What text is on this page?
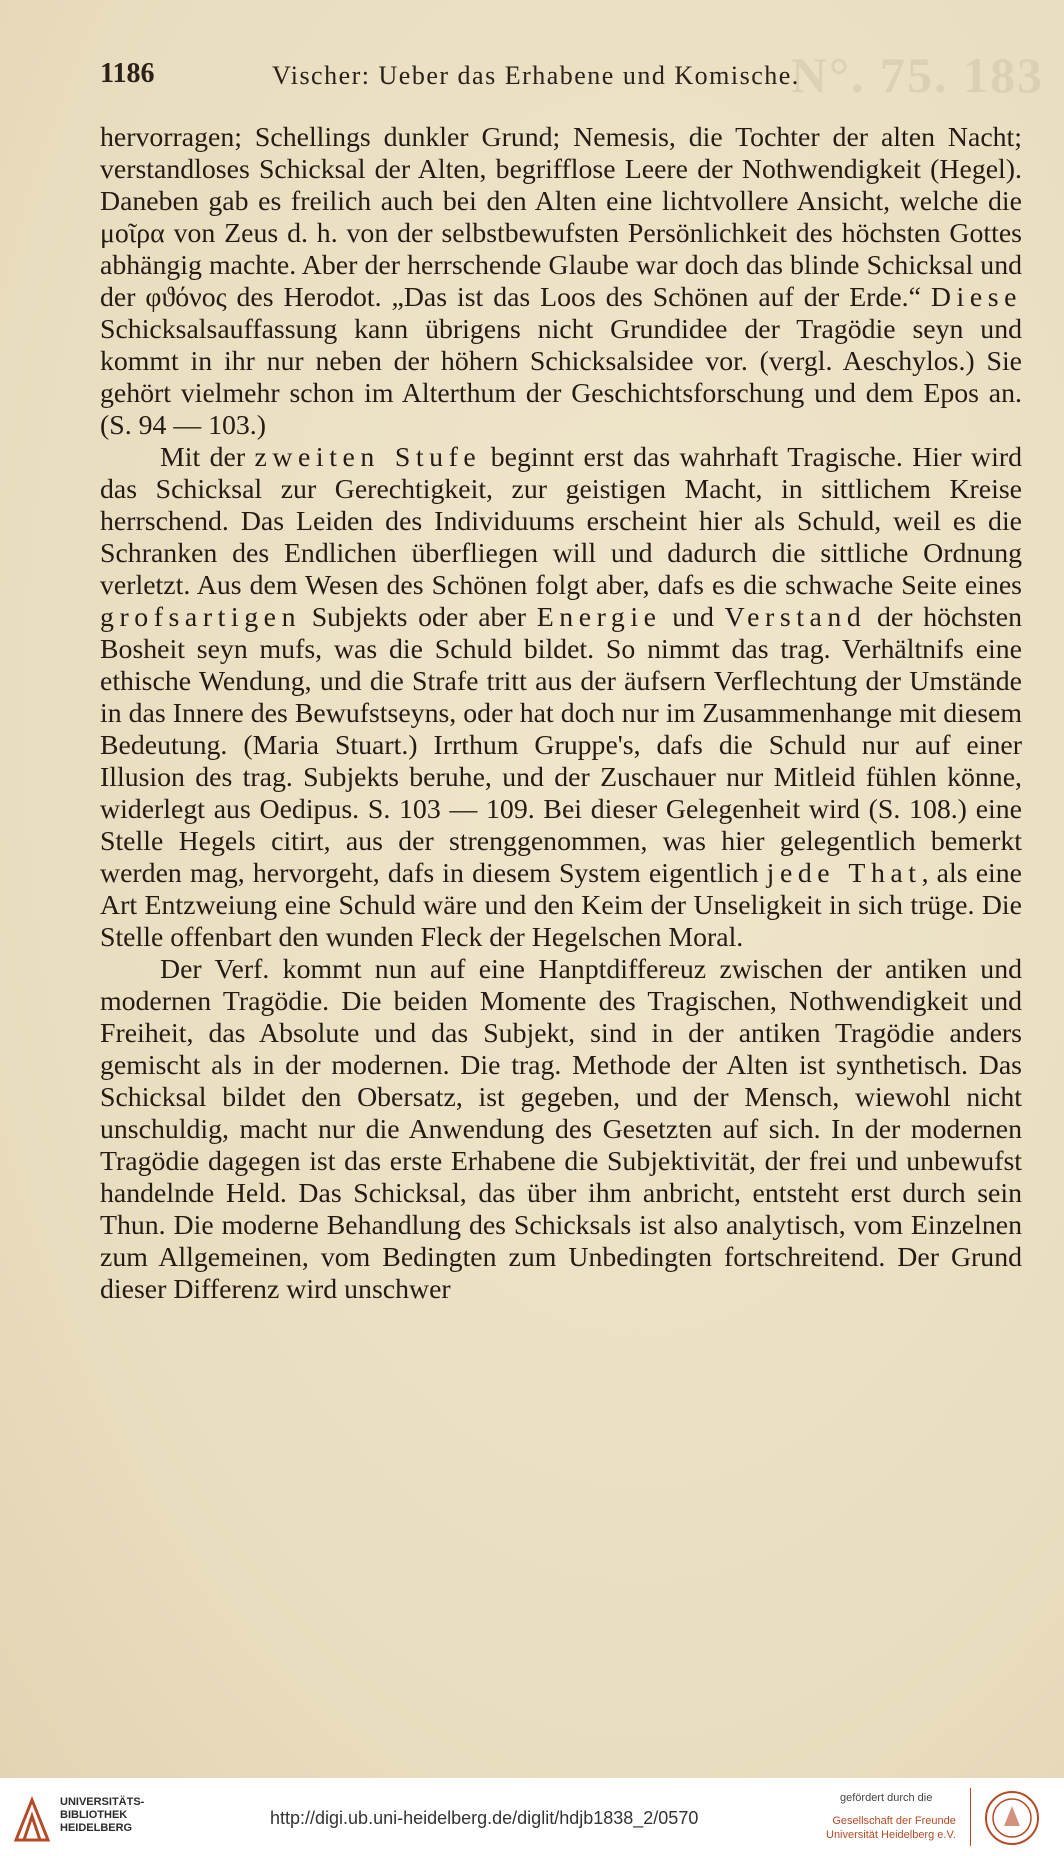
N°. 75. 183
1186	Vischer: Ueber das Erhabene und Komische.

hervorragen; Schellings dunkler Grund; Nemesis, die Tochter der alten Nacht; verstandloses Schicksal der Alten, begrifflose Leere der Nothwendigkeit (Hegel). Daneben gab es freilich auch bei den Alten eine lichtvollere Ansicht, welche die μοῖρα von Zeus d. h. von der selbstbewufsten Persönlichkeit des höchsten Gottes abhängig machte. Aber der herrschende Glaube war doch das blinde Schicksal und der φϑόνος des Herodot. „Das ist das Loos des Schönen auf der Erde.“ Diese Schicksalsauffassung kann übrigens nicht Grundidee der Tragödie seyn und kommt in ihr nur neben der höhern Schicksalsidee vor. (vergl. Aeschylos.) Sie gehört vielmehr schon im Alterthum der Geschichtsforschung und dem Epos an. (S. 94 — 103.)

Mit der zweiten Stufe beginnt erst das wahrhaft Tragische. Hier wird das Schicksal zur Gerechtigkeit, zur geistigen Macht, in sittlichem Kreise herrschend. Das Leiden des Individuums erscheint hier als Schuld, weil es die Schranken des Endlichen überfliegen will und dadurch die sittliche Ordnung verletzt. Aus dem Wesen des Schönen folgt aber, dafs es die schwache Seite eines grofsartigen Subjekts oder aber Energie und Verstand der höchsten Bosheit seyn mufs, was die Schuld bildet. So nimmt das trag. Verhältnifs eine ethische Wendung, und die Strafe tritt aus der äufsern Verflechtung der Umstände in das Innere des Bewufstseyns, oder hat doch nur im Zusammenhange mit diesem Bedeutung. (Maria Stuart.) Irrthum Gruppe's, dafs die Schuld nur auf einer Illusion des trag. Subjekts beruhe, und der Zuschauer nur Mitleid fühlen könne, widerlegt aus Oedipus. S. 103 — 109. Bei dieser Gelegenheit wird (S. 108.) eine Stelle Hegels citirt, aus der strenggenommen, was hier gelegentlich bemerkt werden mag, hervorgeht, dafs in diesem System eigentlich jede That, als eine Art Entzweiung eine Schuld wäre und den Keim der Unseligkeit in sich trüge. Die Stelle offenbart den wunden Fleck der Hegelschen Moral.

Der Verf. kommt nun auf eine Hanptdiffereuz zwischen der antiken und modernen Tragödie. Die beiden Momente des Tragischen, Nothwendigkeit und Freiheit, das Absolute und das Subjekt, sind in der antiken Tragödie anders gemischt als in der modernen. Die trag. Methode der Alten ist synthetisch. Das Schicksal bildet den Obersatz, ist gegeben, und der Mensch, wiewohl nicht unschuldig, macht nur die Anwendung des Gesetzten auf sich. In der modernen Tragödie dagegen ist das erste Erhabene die Subjektivität, der frei und unbewufst handelnde Held. Das Schicksal, das über ihm anbricht, entsteht erst durch sein Thun. Die moderne Behandlung des Schicksals ist also analytisch, vom Einzelnen zum Allgemeinen, vom Bedingten zum Unbedingten fortschreitend. Der Grund dieser Differenz wird unschwer

UNIVERSITÄTS-
BIBLIOTHEK
HEIDELBERG	http://digi.ub.uni-heidelberg.de/diglit/hdjb1838_2/0570
gefördert durch die
Gesellschaft der Freunde
Universität Heidelberg e.V.
